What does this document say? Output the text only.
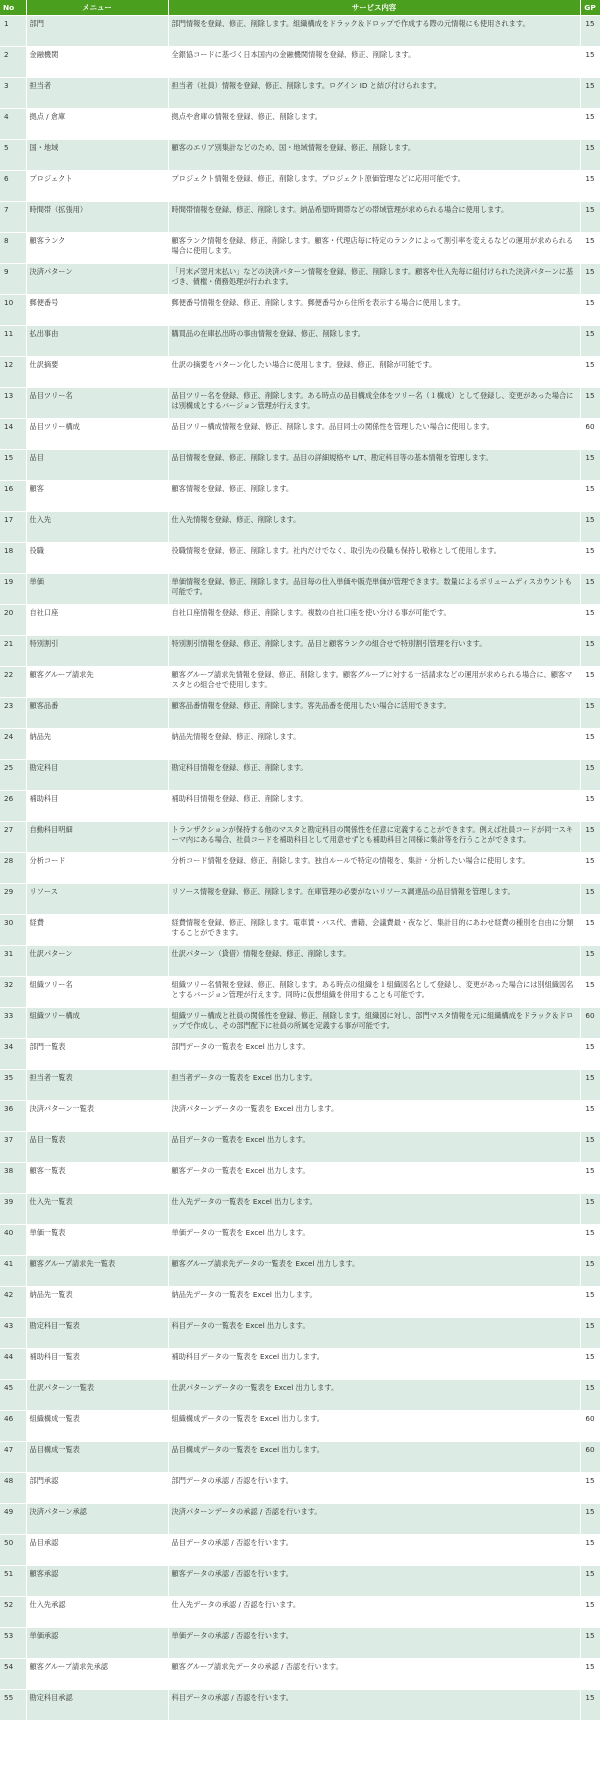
No	メニュー	サービス内容	GP
1	部門	部門情報を登録、修正、削除します。組織構成をドラック＆ドロップで作成する際の元情報にも使用されます。	15
2	金融機関	全銀協コードに基づく日本国内の金融機関情報を登録、修正、削除します。	15
3	担当者	担当者（社員）情報を登録、修正、削除します。ログイン ID と結び付けられます。	15
4	拠点 / 倉庫	拠点や倉庫の情報を登録、修正、削除します。	15
5	国・地域	顧客のエリア別集計などのため、国・地域情報を登録、修正、削除します。	15
6	プロジェクト	プロジェクト情報を登録、修正、削除します。プロジェクト原価管理などに応用可能です。	15
7	時間帯（拡張用）	時間帯情報を登録、修正、削除します。納品希望時間帯などの帯域管理が求められる場合に使用します。	15
8	顧客ランク	顧客ランク情報を登録、修正、削除します。顧客・代理店毎に特定のランクによって割引率を変えるなどの運用が求められる場合に使用します。	15
9	決済パターン	「月末〆翌月末払い」などの決済パターン情報を登録、修正、削除します。顧客や仕入先毎に紐付けられた決済パターンに基づき、債権・債務処理が行われます。	15
10	郵便番号	郵便番号情報を登録、修正、削除します。郵便番号から住所を表示する場合に使用します。	15
11	払出事由	購買品の在庫払出時の事由情報を登録、修正、削除します。	15
12	仕訳摘要	仕訳の摘要をパターン化したい場合に使用します。登録、修正、削除が可能です。	15
13	品目ツリー名	品目ツリー名を登録、修正、削除します。ある時点の品目構成全体をツリー名（１構成）として登録し、変更があった場合には別構成とするバージョン管理が行えます。	15
14	品目ツリー構成	品目ツリー構成情報を登録、修正、削除します。品目同士の関係性を管理したい場合に使用します。	60
15	品目	品目情報を登録、修正、削除します。品目の詳細規格や L/T、勘定科目等の基本情報を管理します。	15
16	顧客	顧客情報を登録、修正、削除します。	15
17	仕入先	仕入先情報を登録、修正、削除します。	15
18	役職	役職情報を登録、修正、削除します。社内だけでなく、取引先の役職も保持し敬称として使用します。	15
19	単価	単価情報を登録、修正、削除します。品目毎の仕入単価や販売単価が管理できます。数量によるボリュームディスカウントも可能です。	15
20	自社口座	自社口座情報を登録、修正、削除します。複数の自社口座を使い分ける事が可能です。	15
21	特別割引	特別割引情報を登録、修正、削除します。品目と顧客ランクの組合せで特別割引管理を行います。	15
22	顧客グループ請求先	顧客グループ請求先情報を登録、修正、削除します。顧客グループに対する一括請求などの運用が求められる場合に、顧客マスタとの組合せで使用します。	15
23	顧客品番	顧客品番情報を登録、修正、削除します。客先品番を使用したい場合に活用できます。	15
24	納品先	納品先情報を登録、修正、削除します。	15
25	勘定科目	勘定科目情報を登録、修正、削除します。	15
26	補助科目	補助科目情報を登録、修正、削除します。	15
27	自動科目明細	トランザクションが保持する他のマスタと勘定科目の関係性を任意に定義することができます。例えば社員コードが同一スキーマ内にある場合、社員コードを補助科目として用意せずとも補助科目と同様に集計等を行うことができます。	15
28	分析コード	分析コード情報を登録、修正、削除します。独自ルールで特定の情報を、集計・分析したい場合に使用します。	15
29	リソース	リソース情報を登録、修正、削除します。在庫管理の必要がないリソース調達品の品目情報を管理します。	15
30	経費	経費情報を登録、修正、削除します。電車賃・バス代、書籍、会議費最・夜など、集計目的にあわせ経費の種別を自由に分類することができます。	15
31	仕訳パターン	仕訳パターン（貸借）情報を登録、修正、削除します。	15
32	組織ツリー名	組織ツリー名情報を登録、修正、削除します。ある時点の組織を１組織図名として登録し、変更があった場合には別組織図名とするバージョン管理が行えます。同時に仮想組織を併用することも可能です。	15
33	組織ツリー構成	組織ツリー構成と社員の関係性を登録、修正、削除します。組織図に対し、部門マスタ情報を元に組織構成をドラック＆ドロップで作成し、その部門配下に社員の所属を定義する事が可能です。	60
34	部門一覧表	部門データの一覧表を Excel 出力します。	15
35	担当者一覧表	担当者データの一覧表を Excel 出力します。	15
36	決済パターン一覧表	決済パターンデータの一覧表を Excel 出力します。	15
37	品目一覧表	品目データの一覧表を Excel 出力します。	15
38	顧客一覧表	顧客データの一覧表を Excel 出力します。	15
39	仕入先一覧表	仕入先データの一覧表を Excel 出力します。	15
40	単価一覧表	単価データの一覧表を Excel 出力します。	15
41	顧客グループ請求先一覧表	顧客グループ請求先データの一覧表を Excel 出力します。	15
42	納品先一覧表	納品先データの一覧表を Excel 出力します。	15
43	勘定科目一覧表	科目データの一覧表を Excel 出力します。	15
44	補助科目一覧表	補助科目データの一覧表を Excel 出力します。	15
45	仕訳パターン一覧表	仕訳パターンデータの一覧表を Excel 出力します。	15
46	組織構成一覧表	組織構成データの一覧表を Excel 出力します。	60
47	品目構成一覧表	品目構成データの一覧表を Excel 出力します。	60
48	部門承認	部門データの承認 / 否認を行います。	15
49	決済パターン承認	決済パターンデータの承認 / 否認を行います。	15
50	品目承認	品目データの承認 / 否認を行います。	15
51	顧客承認	顧客データの承認 / 否認を行います。	15
52	仕入先承認	仕入先データの承認 / 否認を行います。	15
53	単価承認	単価データの承認 / 否認を行います。	15
54	顧客グループ請求先承認	顧客グループ請求先データの承認 / 否認を行います。	15
55	勘定科目承認	科目データの承認 / 否認を行います。	15
